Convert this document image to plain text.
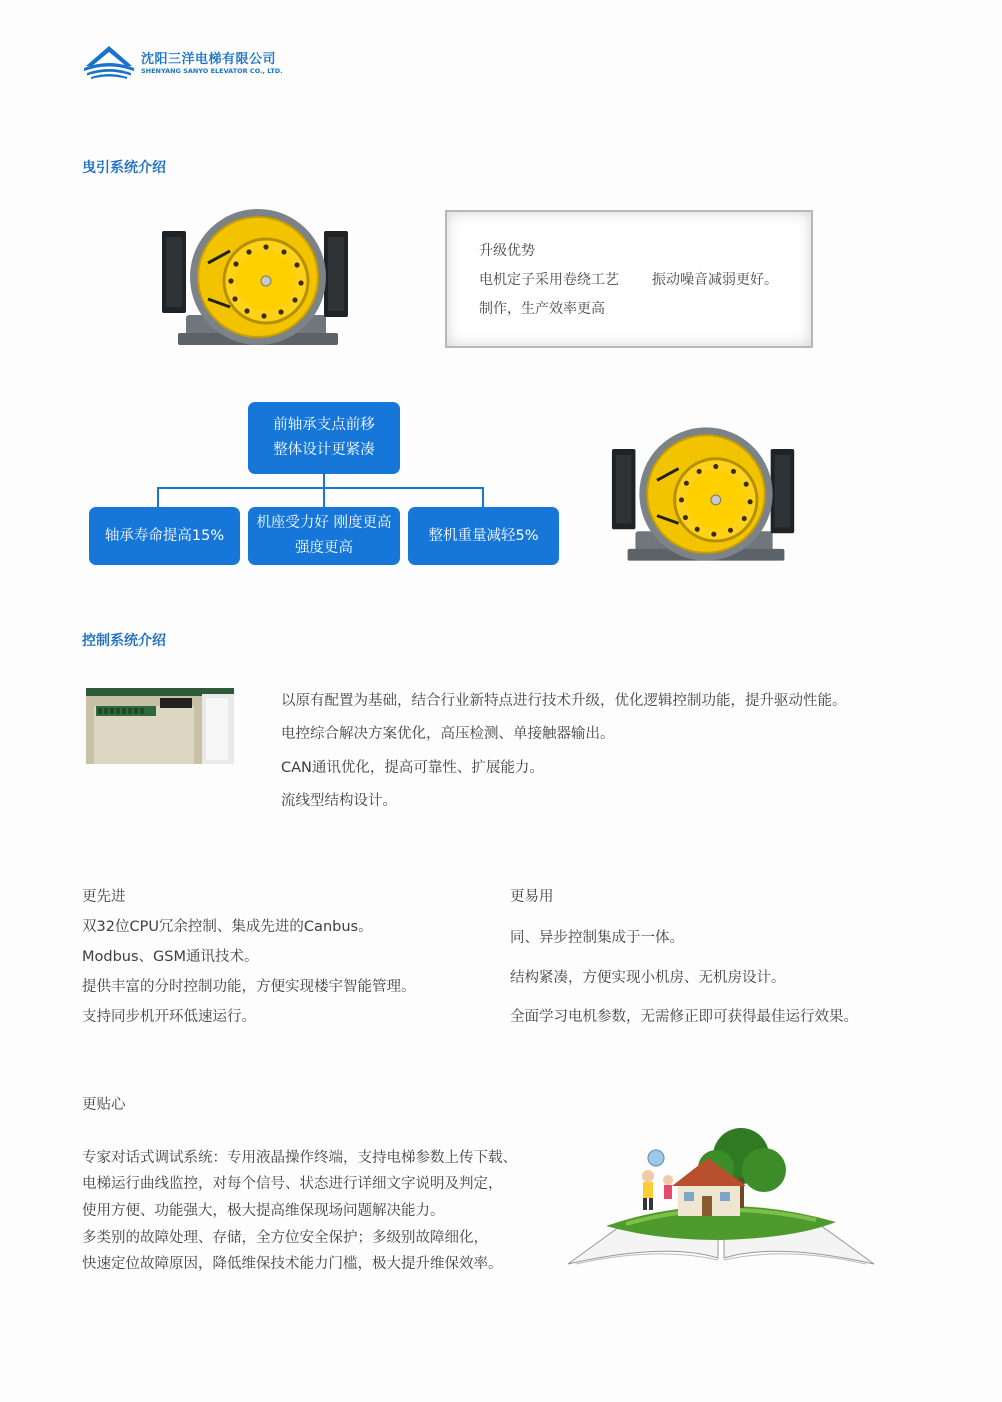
沈阳三洋电梯有限公司
SHENYANG SANYO ELEVATOR CO., LTD.
曳引系统介绍
升级优势
电机定子采用卷绕工艺 振动噪音减弱更好。
制作，生产效率更高
前轴承支点前移
整体设计更紧凑
轴承寿命提高15%
机座受力好 刚度更高
强度更高
整机重量减轻5%
控制系统介绍
以原有配置为基础，结合行业新特点进行技术升级，优化逻辑控制功能，提升驱动性能。
电控综合解决方案优化，高压检测、单接触器输出。
CAN通讯优化，提高可靠性、扩展能力。
流线型结构设计。
更先进
双32位CPU冗余控制、集成先进的Canbus。
Modbus、GSM通讯技术。
提供丰富的分时控制功能，方便实现楼宇智能管理。
支持同步机开环低速运行。
更易用
同、异步控制集成于一体。
结构紧凑，方便实现小机房、无机房设计。
全面学习电机参数，无需修正即可获得最佳运行效果。
更贴心
专家对话式调试系统：专用液晶操作终端，支持电梯参数上传下载、
电梯运行曲线监控，对每个信号、状态进行详细文字说明及判定，
使用方便、功能强大，极大提高维保现场问题解决能力。
多类别的故障处理、存储，全方位安全保护；多级别故障细化，
快速定位故障原因，降低维保技术能力门槛，极大提升维保效率。
